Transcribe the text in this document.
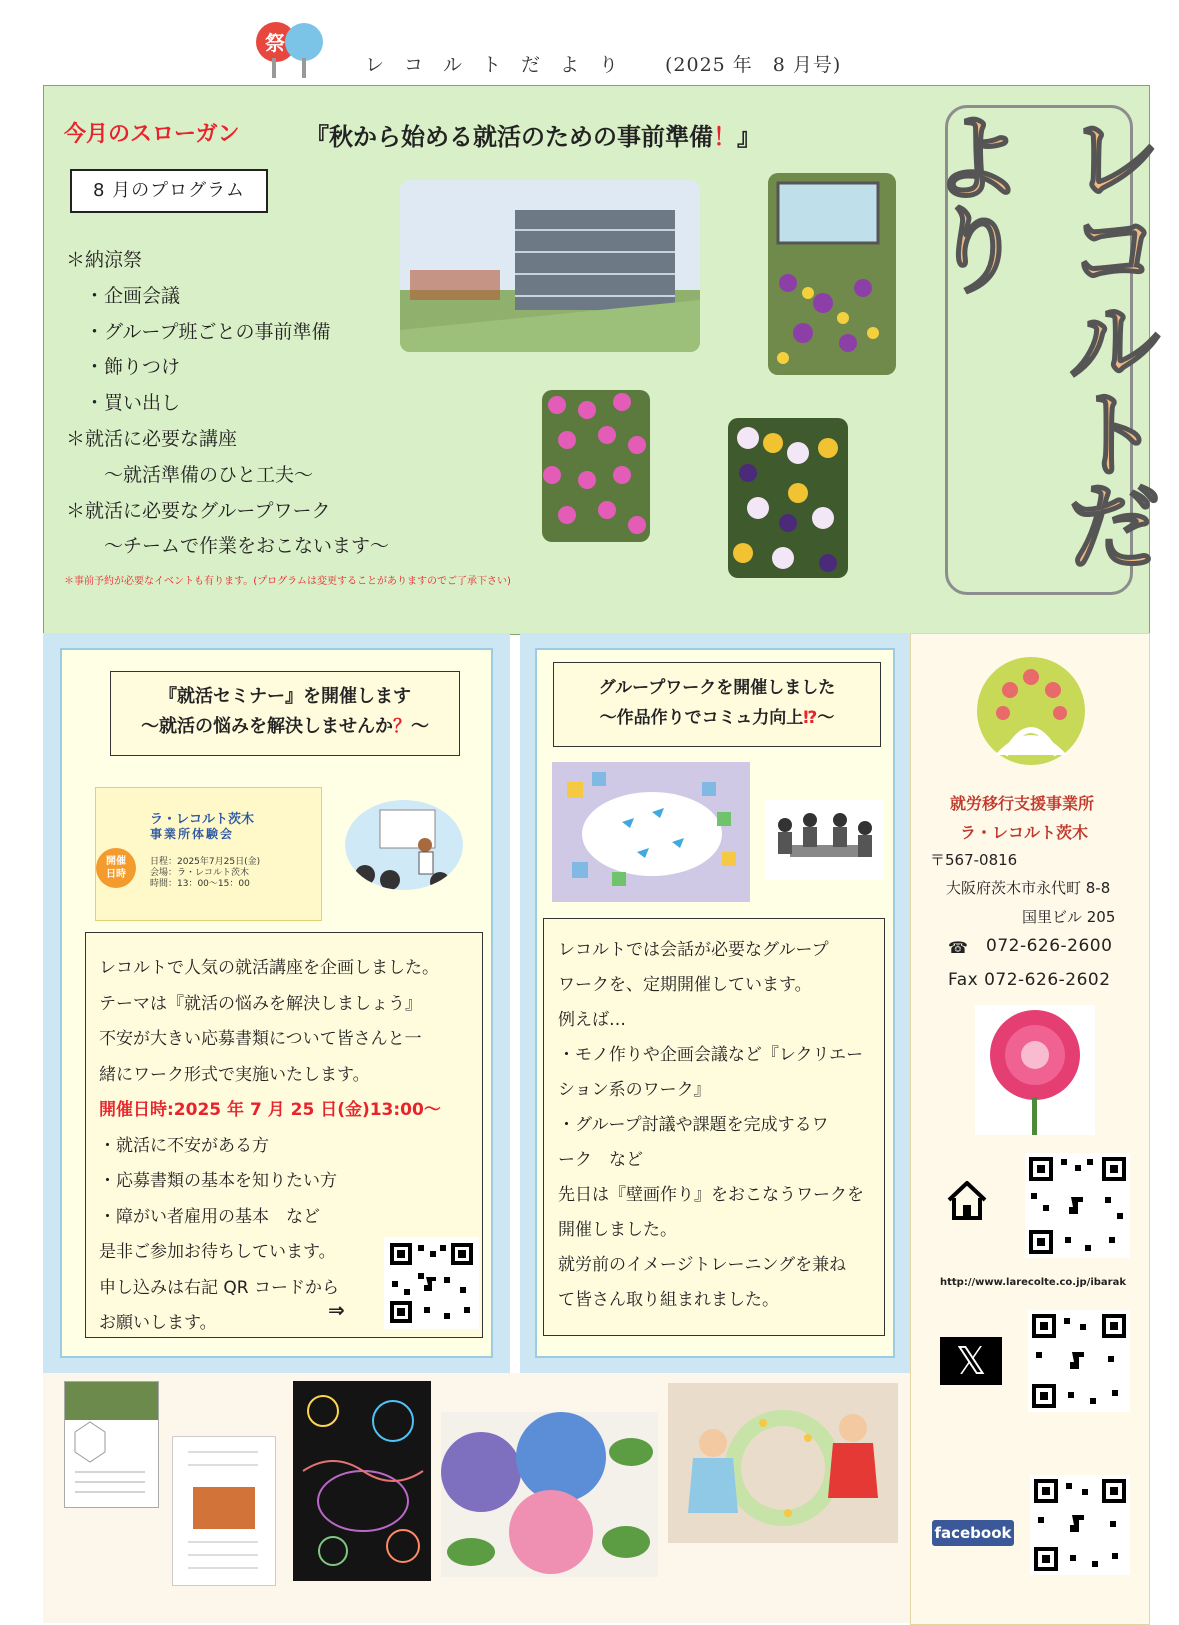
祭
レコルトだより (2025 年　8 月号)
今月のスローガン	『秋から始める就活のための事前準備！』
8 月のプログラム
＊納涼祭
　・企画会議
　・グループ班ごとの事前準備
　・飾りつけ
　・買い出し
＊就活に必要な講座
　　～就活準備のひと工夫～
＊就活に必要なグループワーク
　　～チームで作業をおこないます～
＊事前予約が必要なイベントも有ります。(プログラムは変更することがありますのでご了承下さい)
レコルトだより
『就活セミナー』を開催します
～就活の悩みを解決しませんか？～
ラ・レコルト茨木
事業所体験会
開催
日時
日程：2025年7月25日(金)
会場：ラ・レコルト茨木
時間：13：00～15：00
レコルトで人気の就活講座を企画しました。
テーマは『就活の悩みを解決しましょう』
不安が大きい応募書類について皆さんと一
緒にワーク形式で実施いたします。
開催日時:2025 年 7 月 25 日(金)13:00～
・就活に不安がある方
・応募書類の基本を知りたい方
・障がい者雇用の基本　など
是非ご参加お待ちしています。
申し込みは右記 QR コードから
お願いします。
⇒
グループワークを開催しました
～作品作りでコミュ力向上⁉～
レコルトでは会話が必要なグループ
ワークを、定期開催しています。
例えば…
・モノ作りや企画会議など『レクリエー
ション系のワーク』
・グループ討議や課題を完成するワ
ーク　など
先日は『壁画作り』をおこなうワークを
開催しました。
就労前のイメージトレーニングを兼ね
て皆さん取り組まれました。
就労移行支援事業所
ラ・レコルト茨木
〒567-0816
大阪府茨木市永代町 8-8
国里ビル 205
☎ 072-626-2600
Fax 072-626-2602
http://www.larecolte.co.jp/ibarak
𝕏
facebook
